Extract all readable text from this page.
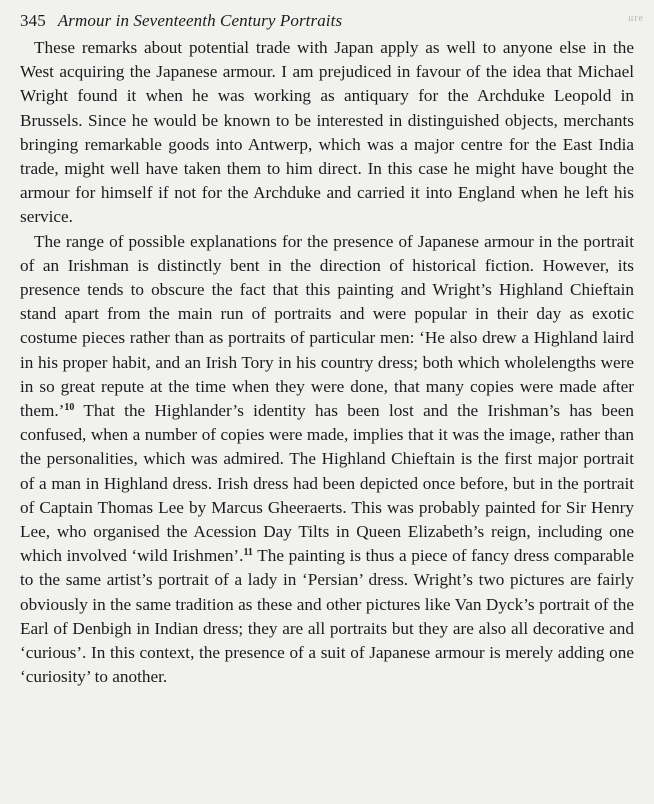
ure
345 Armour in Seventeenth Century Portraits

These remarks about potential trade with Japan apply as well to anyone else in the West acquiring the Japanese armour. I am prejudiced in favour of the idea that Michael Wright found it when he was working as antiquary for the Archduke Leopold in Brussels. Since he would be known to be interested in distinguished objects, merchants bringing remarkable goods into Antwerp, which was a major centre for the East India trade, might well have taken them to him direct. In this case he might have bought the armour for himself if not for the Archduke and carried it into England when he left his service.

The range of possible explanations for the presence of Japanese armour in the portrait of an Irishman is distinctly bent in the direction of historical fiction. However, its presence tends to obscure the fact that this painting and Wright’s Highland Chieftain stand apart from the main run of portraits and were popular in their day as exotic costume pieces rather than as portraits of particular men: ‘He also drew a Highland laird in his proper habit, and an Irish Tory in his country dress; both which wholelengths were in so great repute at the time when they were done, that many copies were made after them.’$^{10}$ That the Highlander’s identity has been lost and the Irishman’s has been confused, when a number of copies were made, implies that it was the image, rather than the personalities, which was admired. The Highland Chieftain is the first major portrait of a man in Highland dress. Irish dress had been depicted once before, but in the portrait of Captain Thomas Lee by Marcus Gheeraerts. This was probably painted for Sir Henry Lee, who organised the Acession Day Tilts in Queen Elizabeth’s reign, including one which involved ‘wild Irishmen’.$^{11}$ The painting is thus a piece of fancy dress comparable to the same artist’s portrait of a lady in ‘Persian’ dress. Wright’s two pictures are fairly obviously in the same tradition as these and other pictures like Van Dyck’s portrait of the Earl of Denbigh in Indian dress; they are all portraits but they are also all decorative and ‘curious’. In this context, the presence of a suit of Japanese armour is merely adding one ‘curiosity’ to another.
